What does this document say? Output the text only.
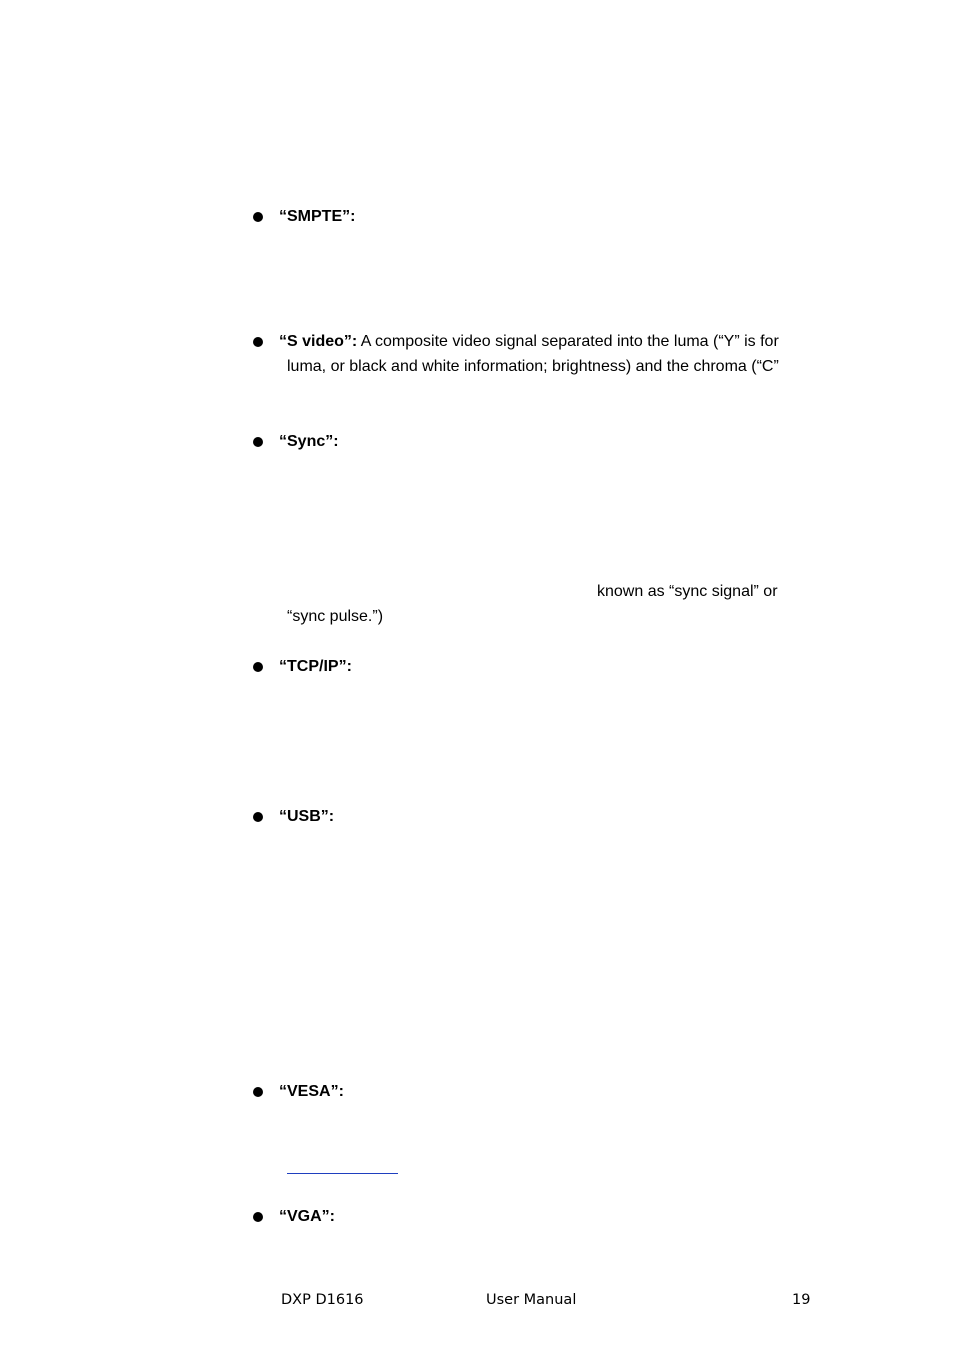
“SMPTE”:
“S video”: A composite video signal separated into the luma (“Y” is for
luma, or black and white information; brightness) and the chroma (“C”
“Sync”:
known as “sync signal” or
“sync pulse.”)
“TCP/IP”:
“USB”:
“VESA”:
“VGA”:
DXP D1616	User Manual	19
